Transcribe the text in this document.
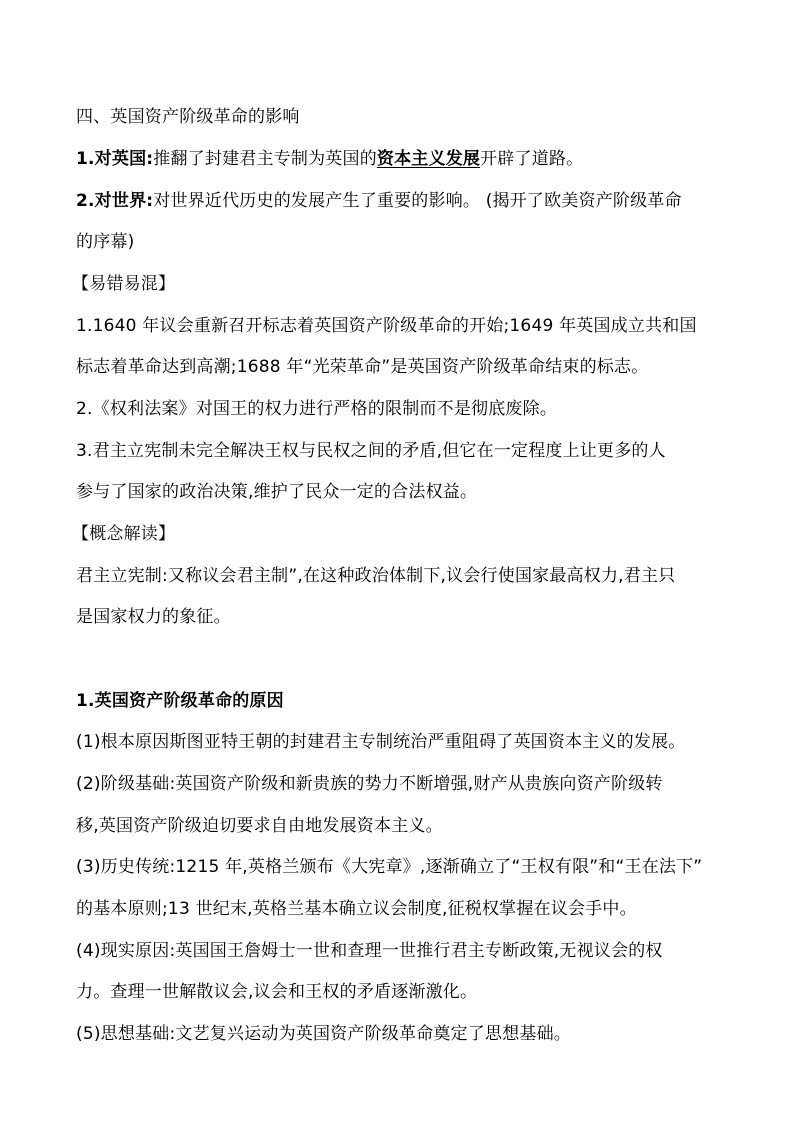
四、英国资产阶级革命的影响
1.对英国:推翻了封建君主专制为英国的资本主义发展开辟了道路。
2.对世界:对世界近代历史的发展产生了重要的影响。 (揭开了欧美资产阶级革命
的序幕)
【易错易混】
1.1640 年议会重新召开标志着英国资产阶级革命的开始;1649 年英国成立共和国
标志着革命达到高潮;1688 年“光荣革命”是英国资产阶级革命结束的标志。
2.《权利法案》对国王的权力进行严格的限制而不是彻底废除。
3.君主立宪制未完全解决王权与民权之间的矛盾,但它在一定程度上让更多的人
参与了国家的政治决策,维护了民众一定的合法权益。
【概念解读】
君主立宪制:又称议会君主制”,在这种政治体制下,议会行使国家最高权力,君主只
是国家权力的象征。
1.英国资产阶级革命的原因
(1)根本原因斯图亚特王朝的封建君主专制统治严重阻碍了英国资本主义的发展。
(2)阶级基础:英国资产阶级和新贵族的势力不断增强,财产从贵族向资产阶级转
移,英国资产阶级迫切要求自由地发展资本主义。
(3)历史传统:1215 年,英格兰颁布《大宪章》,逐渐确立了“王权有限”和“王在法下”
的基本原则;13 世纪末,英格兰基本确立议会制度,征税权掌握在议会手中。
(4)现实原因:英国国王詹姆士一世和查理一世推行君主专断政策,无视议会的权
力。查理一世解散议会,议会和王权的矛盾逐渐激化。
(5)思想基础:文艺复兴运动为英国资产阶级革命奠定了思想基础。
